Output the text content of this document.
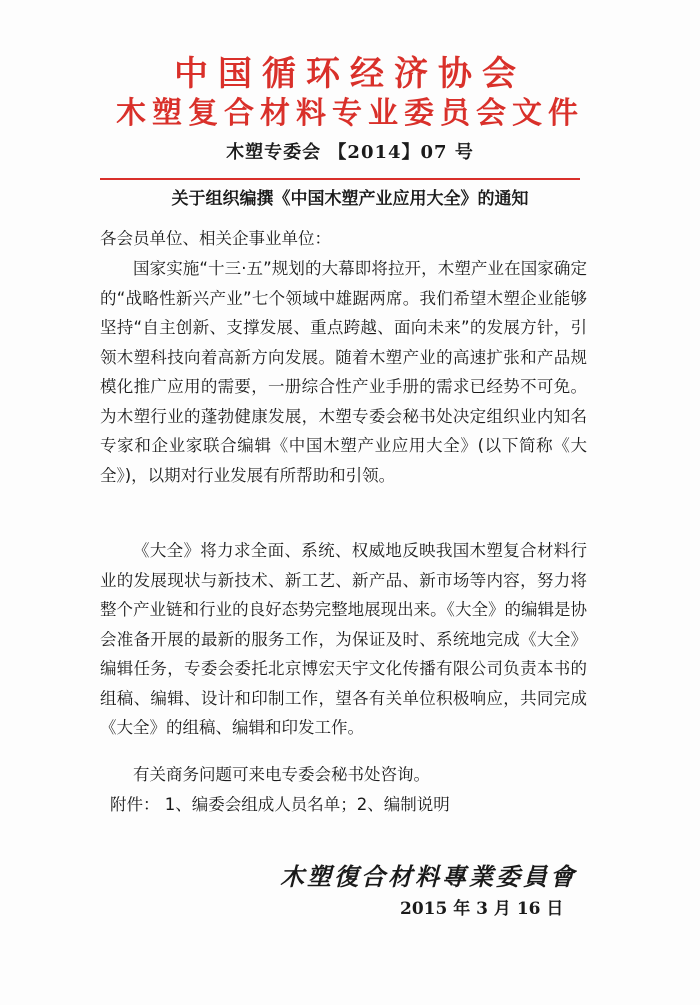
中国循环经济协会
木塑复合材料专业委员会文件
木塑专委会 【2014】07 号
关于组织编撰《中国木塑产业应用大全》的通知
各会员单位、相关企事业单位：
国家实施“十三·五”规划的大幕即将拉开，木塑产业在国家确定的“战略性新兴产业”七个领域中雄踞两席。我们希望木塑企业能够坚持“自主创新、支撑发展、重点跨越、面向未来”的发展方针，引领木塑科技向着高新方向发展。随着木塑产业的高速扩张和产品规模化推广应用的需要，一册综合性产业手册的需求已经势不可免。为木塑行业的蓬勃健康发展，木塑专委会秘书处决定组织业内知名专家和企业家联合编辑《中国木塑产业应用大全》(以下简称《大全》)，以期对行业发展有所帮助和引领。
《大全》将力求全面、系统、权威地反映我国木塑复合材料行业的发展现状与新技术、新工艺、新产品、新市场等内容，努力将整个产业链和行业的良好态势完整地展现出来。《大全》的编辑是协会准备开展的最新的服务工作，为保证及时、系统地完成《大全》编辑任务，专委会委托北京博宏天宇文化传播有限公司负责本书的组稿、编辑、设计和印制工作，望各有关单位积极响应，共同完成《大全》的组稿、编辑和印发工作。
有关商务问题可来电专委会秘书处咨询。
附件： 1、编委会组成人员名单；2、编制说明
木塑復合材料專業委員會
2015 年 3 月 16 日
